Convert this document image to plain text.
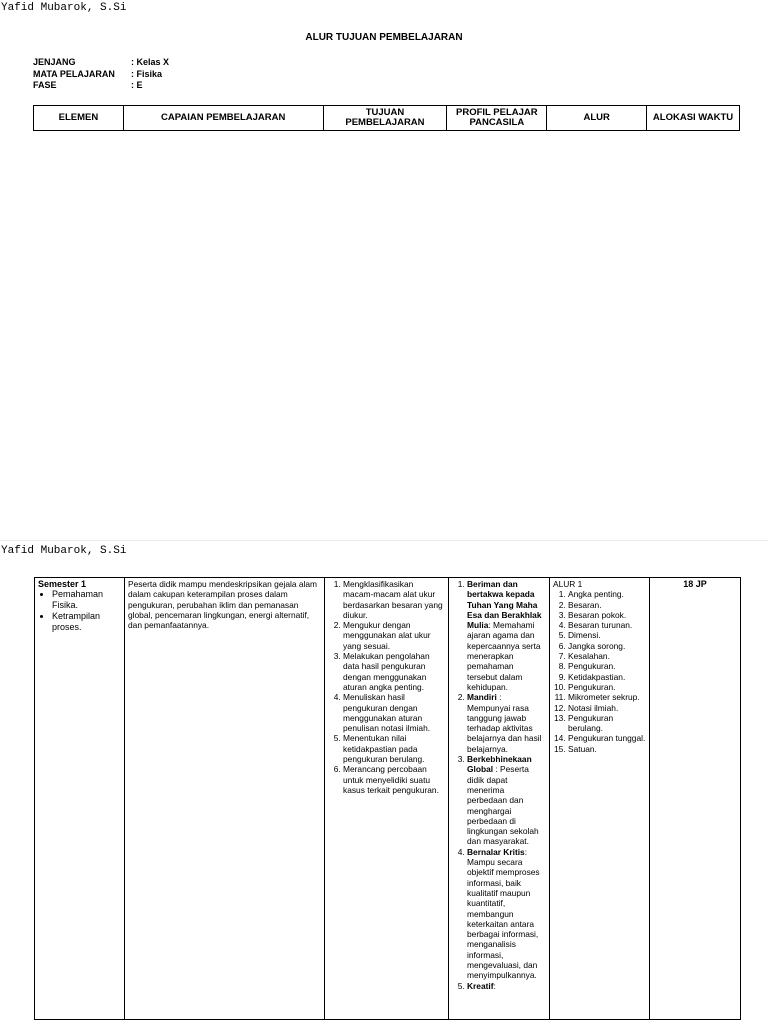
Yafid Mubarok, S.Si
ALUR TUJUAN PEMBELAJARAN
JENJANG	: Kelas X
MATA PELAJARAN	: Fisika
FASE	: E
ELEMEN	CAPAIAN PEMBELAJARAN	TUJUAN PEMBELAJARAN	PROFIL PELAJAR PANCASILA	ALUR	ALOKASI WAKTU
Yafid Mubarok, S.Si
Semester 1
• Pemahaman Fisika.
• Ketrampilan proses.

Peserta didik mampu mendeskripsikan gejala alam dalam cakupan keterampilan proses dalam pengukuran, perubahan iklim dan pemanasan global, pencemaran lingkungan, energi alternatif, dan pemanfaatannya.

1. Mengklasifikasikan macam-macam alat ukur berdasarkan besaran yang diukur.
2. Mengukur dengan menggunakan alat ukur yang sesuai.
3. Melakukan pengolahan data hasil pengukuran dengan menggunakan aturan angka penting.
4. Menuliskan hasil pengukuran dengan menggunakan aturan penulisan notasi ilmiah.
5. Menentukan nilai ketidakpastian pada pengukuran berulang.
6. Merancang percobaan untuk menyelidiki suatu kasus terkait pengukuran.

1. Beriman dan bertakwa kepada Tuhan Yang Maha Esa dan Berakhlak Mulia: Memahami ajaran agama dan kepercaannya serta menerapkan pemahaman tersebut dalam kehidupan.
2. Mandiri : Mempunyai rasa tanggung jawab terhadap aktivitas belajarnya dan hasil belajarnya.
3. Berkebhinekaan Global : Peserta didik dapat menerima perbedaan dan menghargai perbedaan di lingkungan sekolah dan masyarakat.
4. Bernalar Kritis: Mampu secara objektif memproses informasi, baik kualitatif maupun kuantitatif, membangun keterkaitan antara berbagai informasi, menganalisis informasi, mengevaluasi, dan menyimpulkannya.
5. Kreatif:

ALUR 1
1. Angka penting.
2. Besaran.
3. Besaran pokok.
4. Besaran turunan.
5. Dimensi.
6. Jangka sorong.
7. Kesalahan.
8. Pengukuran.
9. Ketidakpastian.
10. Pengukuran.
11. Mikrometer sekrup.
12. Notasi ilmiah.
13. Pengukuran berulang.
14. Pengukuran tunggal.
15. Satuan.

18 JP
